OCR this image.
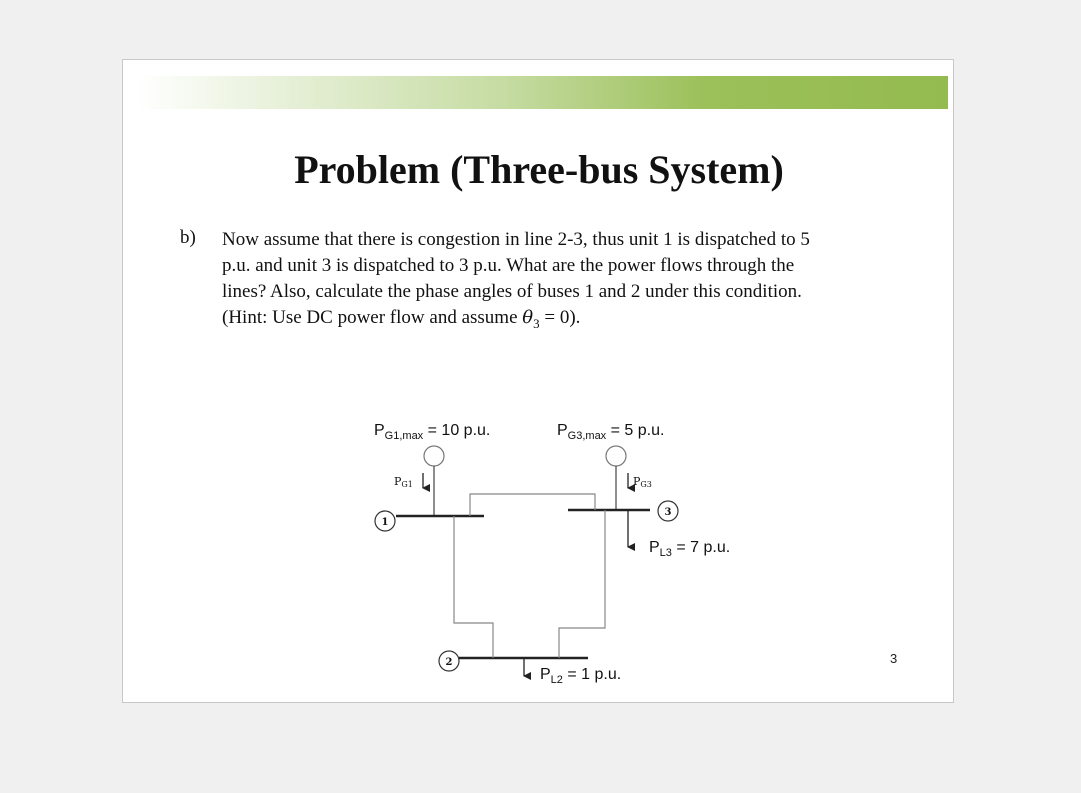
Problem (Three-bus System)
b) Now assume that there is congestion in line 2-3, thus unit 1 is dispatched to 5
p.u. and unit 3 is dispatched to 3 p.u. What are the power flows through the
lines? Also, calculate the phase angles of buses 1 and 2 under this condition.
(Hint: Use DC power flow and assume $\theta_3 = 0$).
1
3
2
$P_{G1,max} = 10$ p.u.	$P_{G3,max} = 5$ p.u.
PG1	PG3
$P_{L3} = 7$ p.u.
$P_{L2} = 1$ p.u.
3
